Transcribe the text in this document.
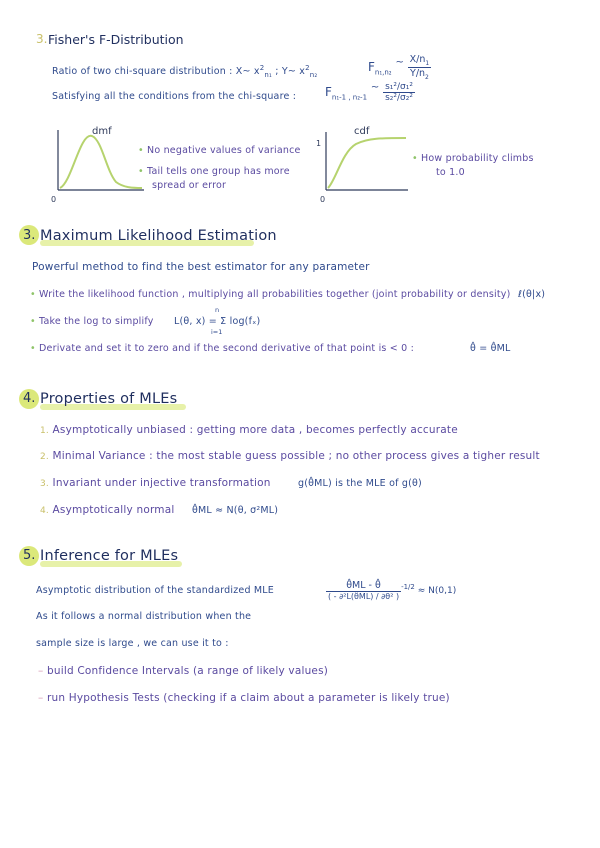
3. Fisher's F-Distribution
Ratio of two chi-square distribution : X~ $x^2_{n_1}$ ; Y~ $x^2_{n_2}$
$F_{n_1,n_2}$ $^\sim \frac{X/n_1}{Y/n_2}$
Satisfying all the conditions from the chi-square : $F_{n_1-1 , n_2-1}$ $^\sim \frac{\text{s₁²/σ₁²}}{\text{s₂²/σ₂²}}$
dmf
0
• No negative values of variance
• Tail tells one group has more
spread or error
cdf
1
0
• How probability climbs
to 1.0
3. Maximum Likelihood Estimation
Powerful method to find the best estimator for any parameter
• Write the likelihood function , multiplying all probabilities together (joint probability or density) ℓ(θ|x)
• Take the log to simplify L(θ, x) = Σ log(fₓ)
n
i=1
• Derivate and set it to zero and if the second derivative of that point is < 0 :	θ̂ = θ̂ML
4. Properties of MLEs
1. Asymptotically unbiased : getting more data , becomes perfectly accurate
2. Minimal Variance : the most stable guess possible ; no other process gives a tigher result
3. Invariant under injective transformation	g(θ̂ML) is the MLE of g(θ)
4. Asymptotically normal θ̂ML ≈ N(θ, σ²ML)
5. Inference for MLEs
Asymptotic distribution of the standardized MLE
As it follows a normal distribution when the
sample size is large , we can use it to :
$\frac{\thetâML - \thetâ}{\text{( - ∂²L(θ̂ML) / ∂θ² )}} ^{-1/2} \approx N(0,1)$
– build Confidence Intervals (a range of likely values)
– run Hypothesis Tests (checking if a claim about a parameter is likely true)
